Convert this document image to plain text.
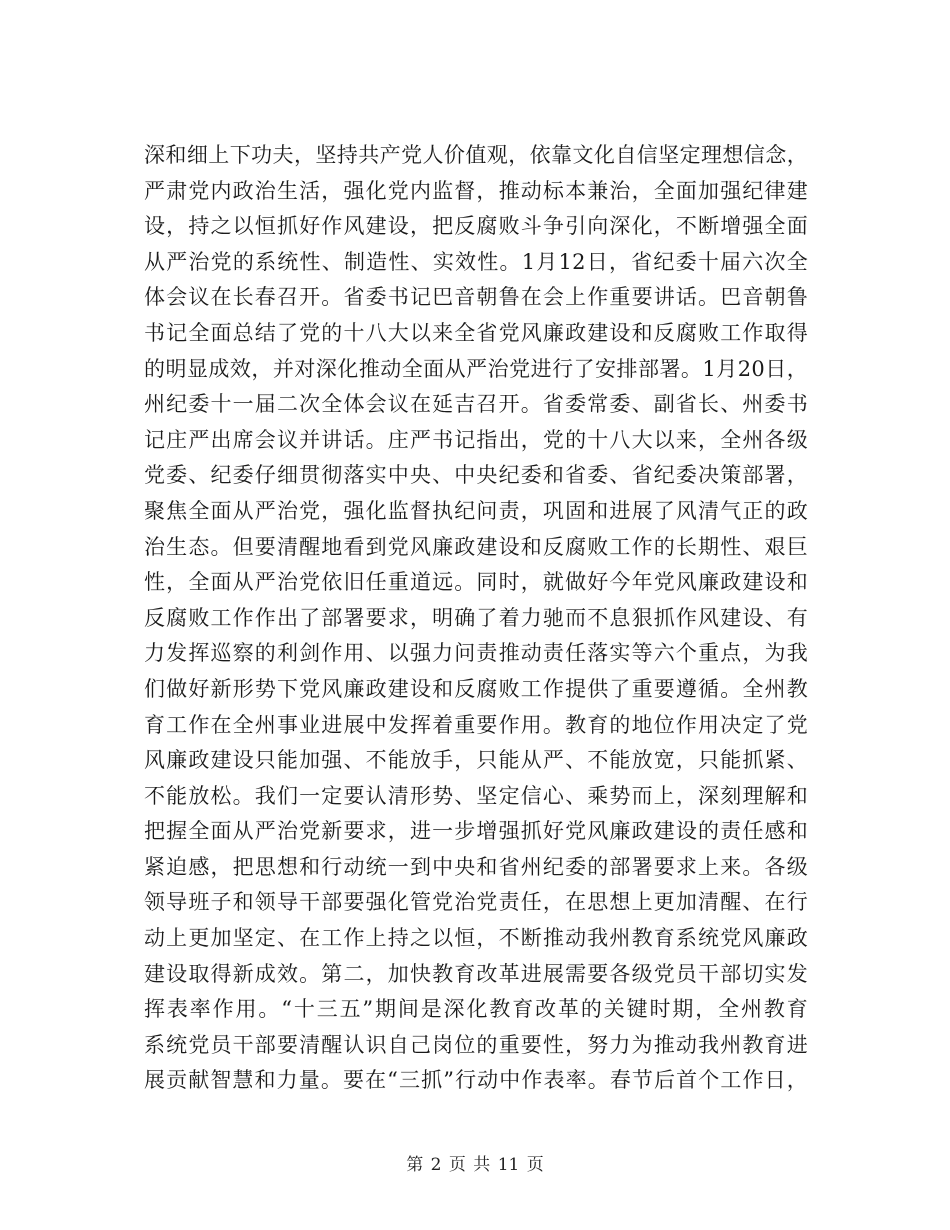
深和细上下功夫，坚持共产党人价值观，依靠文化自信坚定理想信念，
严肃党内政治生活，强化党内监督，推动标本兼治，全面加强纪律建
设，持之以恒抓好作风建设，把反腐败斗争引向深化，不断增强全面
从严治党的系统性、制造性、实效性。1月12日，省纪委十届六次全
体会议在长春召开。省委书记巴音朝鲁在会上作重要讲话。巴音朝鲁
书记全面总结了党的十八大以来全省党风廉政建设和反腐败工作取得
的明显成效，并对深化推动全面从严治党进行了安排部署。1月20日，
州纪委十一届二次全体会议在延吉召开。省委常委、副省长、州委书
记庄严出席会议并讲话。庄严书记指出，党的十八大以来，全州各级
党委、纪委仔细贯彻落实中央、中央纪委和省委、省纪委决策部署，
聚焦全面从严治党，强化监督执纪问责，巩固和进展了风清气正的政
治生态。但要清醒地看到党风廉政建设和反腐败工作的长期性、艰巨
性，全面从严治党依旧任重道远。同时，就做好今年党风廉政建设和
反腐败工作作出了部署要求，明确了着力驰而不息狠抓作风建设、有
力发挥巡察的利剑作用、以强力问责推动责任落实等六个重点，为我
们做好新形势下党风廉政建设和反腐败工作提供了重要遵循。全州教
育工作在全州事业进展中发挥着重要作用。教育的地位作用决定了党
风廉政建设只能加强、不能放手，只能从严、不能放宽，只能抓紧、
不能放松。我们一定要认清形势、坚定信心、乘势而上，深刻理解和
把握全面从严治党新要求，进一步增强抓好党风廉政建设的责任感和
紧迫感，把思想和行动统一到中央和省州纪委的部署要求上来。各级
领导班子和领导干部要强化管党治党责任，在思想上更加清醒、在行
动上更加坚定、在工作上持之以恒，不断推动我州教育系统党风廉政
建设取得新成效。第二，加快教育改革进展需要各级党员干部切实发
挥表率作用。“十三五”期间是深化教育改革的关键时期，全州教育
系统党员干部要清醒认识自己岗位的重要性，努力为推动我州教育进
展贡献智慧和力量。要在“三抓”行动中作表率。春节后首个工作日，
第 2 页 共 11 页
